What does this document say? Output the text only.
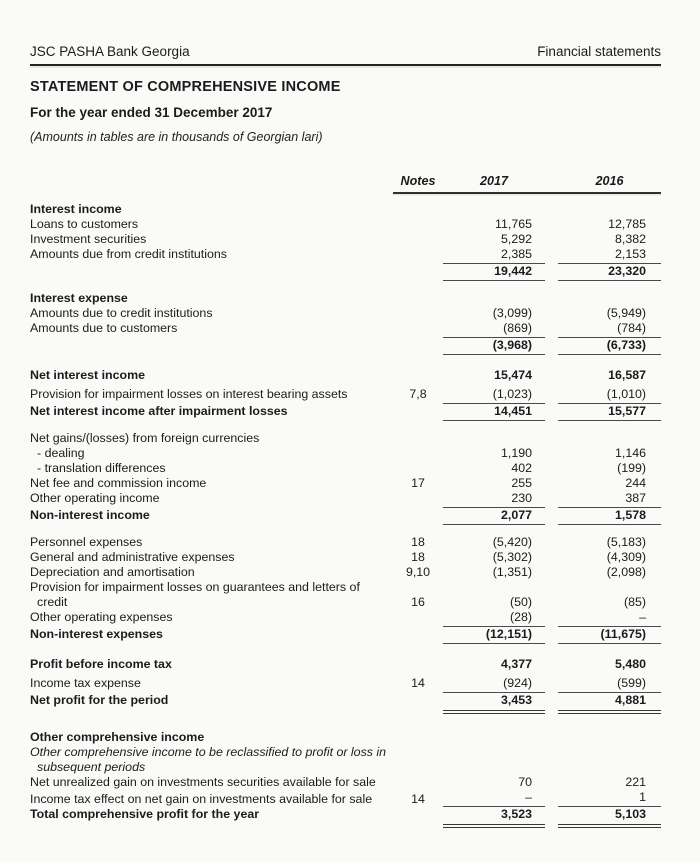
JSC PASHA Bank Georgia	Financial statements
STATEMENT OF COMPREHENSIVE INCOME
For the year ended 31 December 2017

(Amounts in tables are in thousands of Georgian lari)

Notes	2017	2016
Interest income
Loans to customers	11,765	12,785
Investment securities	5,292	8,382
Amounts due from credit institutions	2,385	2,153
19,442	23,320
Interest expense
Amounts due to credit institutions	(3,099)	(5,949)
Amounts due to customers	(869)	(784)
(3,968)	(6,733)
Net interest income	15,474	16,587
Provision for impairment losses on interest bearing assets	7,8	(1,023)	(1,010)
Net interest income after impairment losses	14,451	15,577
Net gains/(losses) from foreign currencies
- dealing	1,190	1,146
- translation differences	402	(199)
Net fee and commission income	17	255	244
Other operating income	230	387
Non-interest income	2,077	1,578
Personnel expenses	18	(5,420)	(5,183)
General and administrative expenses	18	(5,302)	(4,309)
Depreciation and amortisation	9,10	(1,351)	(2,098)
Provision for impairment losses on guarantees and letters of credit	16	(50)	(85)
Other operating expenses	(28)	–
Non-interest expenses	(12,151)	(11,675)
Profit before income tax	4,377	5,480
Income tax expense	14	(924)	(599)
Net profit for the period	3,453	4,881
Other comprehensive income
Other comprehensive income to be reclassified to profit or loss in subsequent periods
Net unrealized gain on investments securities available for sale	70	221
Income tax effect on net gain on investments available for sale	14	–	1
Total comprehensive profit for the year	3,523	5,103
